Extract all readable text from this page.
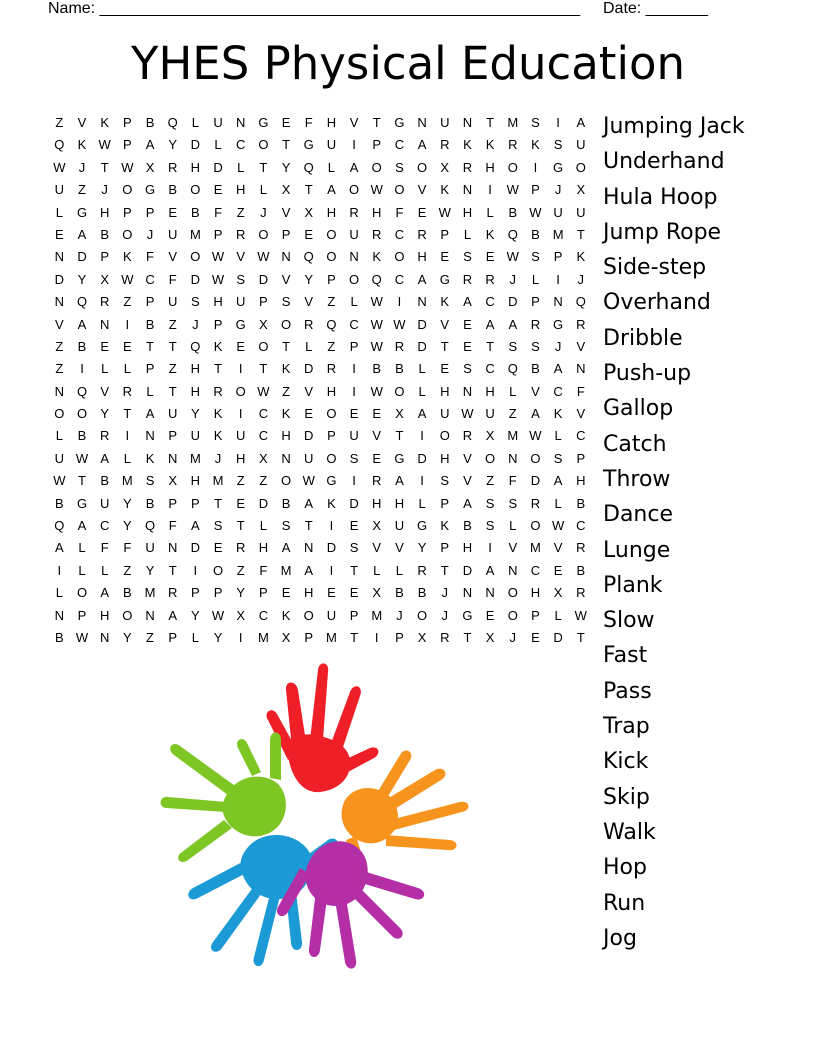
Name: ______________________________________________________ Date: _______
YHES Physical Education
Z	V	K	P	B	Q	L	U	N G	E	F	H	V	T	G N	U	N	T	M S	I	A
Q	K W P	A	Y	D	L	C O	T	G U	I	P	C	A	R	K	K	R	K	S	U
W	J	T W X	R	H	D	L	T	Y	Q	L	A	O	S	O	X	R	H O	I	G O
U	Z	J	O G	B	O	E	H	L	X	T	A	O W O	V	K	N	I	W P	J	X
L	G H	P	P	E	B	F	Z	J	V	X	H	R	H	F	E W H	L	B W U	U
E	A	B	O	J	U M P	R O	P	E	O U	R	C	R	P	L	K	Q	B M	T
N	D	P	K	F	V	O W V W N Q O N	K	O H	E	S	E W S	P	K
D	Y	X W C	F	D W S	D	V	Y	P	O Q C	A	G R	R	J	L	I	J
N Q R	Z	P	U	S	H	U	P	S	V	Z	L W	I	N	K	A	C	D	P	N Q
V	A	N	I	B	Z	J	P	G	X	O R Q C W W D	V	E	A	A	R G R
Z	B	E	E	T	T	Q	K	E	O	T	L	Z	P W R	D	T	E	T	S	S	J	V
Z	I	L	L	P	Z	H	T	I	T	K	D	R	I	B	B	L	E	S	C Q	B	A	N
N Q	V	R	L	T	H	R O W Z	V	H	I	W O	L	H	N	H	L	V	C	F
O O	Y	T	A	U	Y	K	I	C	K	E	O	E	E	X	A	U W U	Z	A	K	V
L	B	R	I	N	P	U	K	U	C	H	D	P	U	V	T	I	O R	X M W L	C
U W A	L	K	N M	J	H	X	N	U O	S	E	G D	H	V	O N O	S	P
W T	B M S	X	H M	Z	Z	O W G	I	R	A	I	S	V	Z	F	D	A	H
B	G U	Y	B	P	P	T	E	D	B	A	K	D	H	H	L	P	A	S	S	R	L	B
Q	A	C	Y	Q	F	A	S	T	L	S	T	I	E	X	U G	K	B	S	L	O W C
A	L	F	F	U	N	D	E	R	H	A	N	D	S	V	V	Y	P	H	I	V M V	R
I	L	L	Z	Y	T	I	O	Z	F	M A	I	T	L	L	R	T	D	A	N	C	E	B
L	O	A	B M R	P	P	Y	P	E	H	E	E	X	B	B	J	N	N O H	X	R
N	P	H O N	A	Y W X	C	K	O U	P M	J	O	J	G	E	O	P	L W
B W N	Y	Z	P	L	Y	I	M X	P M	T	I	P	X	R	T	X	J	E	D	T
Jumping Jack
Underhand
Hula Hoop
Jump Rope
Side-step
Overhand
Dribble
Push-up
Gallop
Catch
Throw
Dance
Lunge
Plank
Slow
Fast
Pass
Trap
Kick
Skip
Walk
Hop
Run
Jog
